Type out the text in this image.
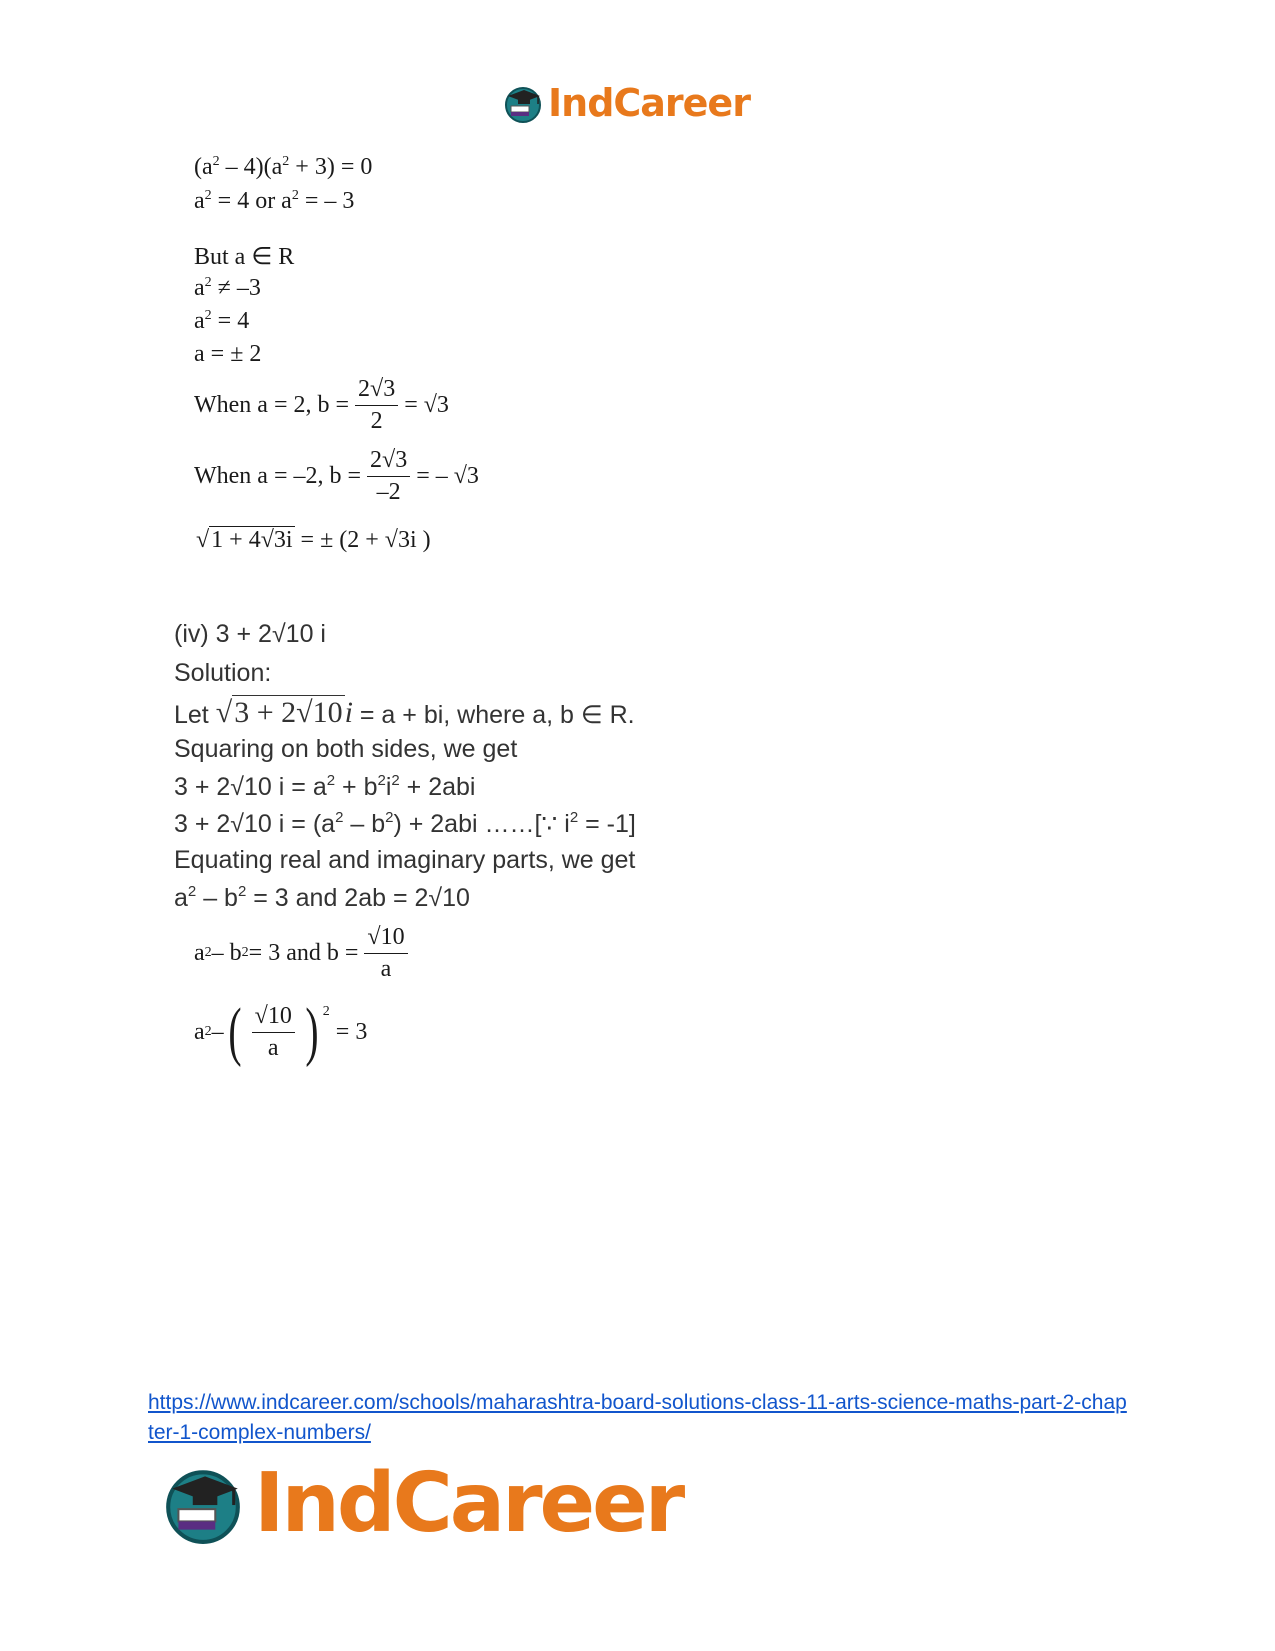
IndCareer
$(a^2 - 4)(a^2 + 3) = 0$
$a^2 = 4$ or $a^2$ = – 3
But a ∈ R
$a^2 \ne -3$
$a^2 = 4$
a = ± 2
When a = 2, $b = \frac{2√3}{2} = √3$
When a = –2, $b = \frac{2√3}{-2}$ = – √3
√1 + 4√3i = ± (2 + √3i )
(iv) 3 + 2√10 i
Solution:
Let
√3 + 2√10i
= a + bi, where a, b ∈ R.
Squaring on both sides, we get
3 + 2√10 $i = a^2 + b^2i^2 + 2abi$
3 + 2√10 $i = (a^2 - b^2) + 2abi$ ……[∵ $i^2 = -1$]
Equating real and imaginary parts, we get
$a^2 - b^2 = 3$ and 2ab = 2√10
a 2 – b 2 = 3 and $b = \frac{√10}{a}$
a 2 – ( $\frac{√10}{a}$ ) $^2$

= 3
https://www.indcareer.com/schools/maharashtra-board-solutions-class-11-arts-science-maths-part-2-chapter-1-complex-numbers/
IndCareer
